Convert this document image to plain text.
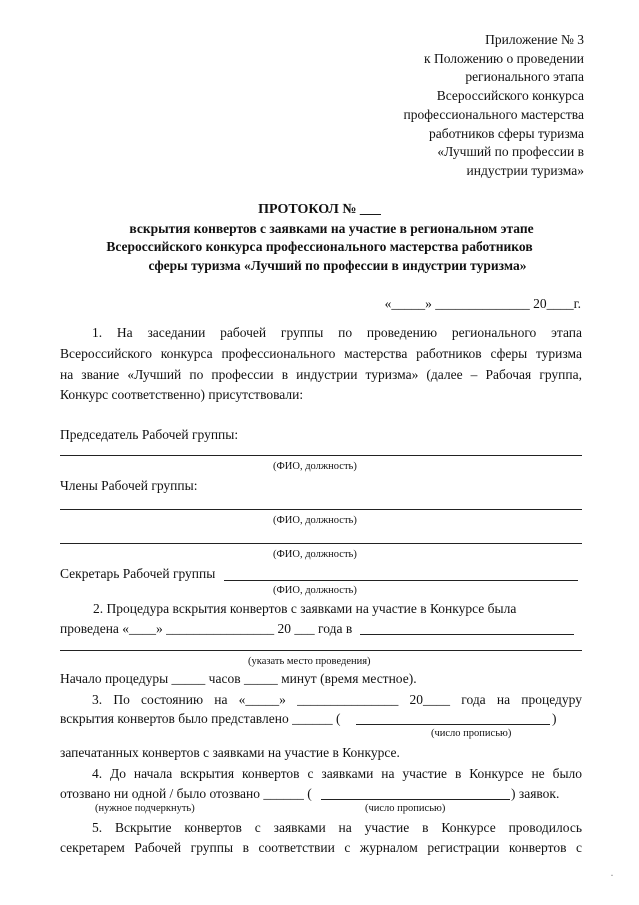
Приложение № 3
к Положению о проведении
регионального этапа
Всероссийского конкурса
профессионального мастерства
работников сферы туризма
«Лучший по профессии в
индустрии туризма»
ПРОТОКОЛ № ___
вскрытия конвертов с заявками на участие в региональном этапе
Всероссийского конкурса профессионального мастерства работников
сферы туризма «Лучший по профессии в индустрии туризма»
«_____» ______________ 20____г.
1. На заседании рабочей группы по проведению регионального этапа
Всероссийского конкурса профессионального мастерства работников сферы туризма
на звание «Лучший по профессии в индустрии туризма» (далее – Рабочая группа,
Конкурс соответственно) присутствовали:
Председатель Рабочей группы:
(ФИО, должность)
Члены Рабочей группы:
(ФИО, должность)
(ФИО, должность)
Секретарь Рабочей группы
(ФИО, должность)
2. Процедура вскрытия конвертов с заявками на участие в Конкурсе была
проведена «____» ________________ 20 ___ года в
(указать место проведения)
Начало процедуры _____ часов _____ минут (время местное).
3. По состоянию на «_____» _______________ 20____ года на процедуру
вскрытия конвертов было представлено ______ (	)
(число прописью)
запечатанных конвертов с заявками на участие в Конкурсе.
4. До начала вскрытия конвертов с заявками на участие в Конкурсе не было
отозвано ни одной / было отозвано ______ (	) заявок.
(нужное подчеркнуть)	(число прописью)
5. Вскрытие конвертов с заявками на участие в Конкурсе проводилось
секретарем Рабочей группы в соответствии с журналом регистрации конвертов с
·
